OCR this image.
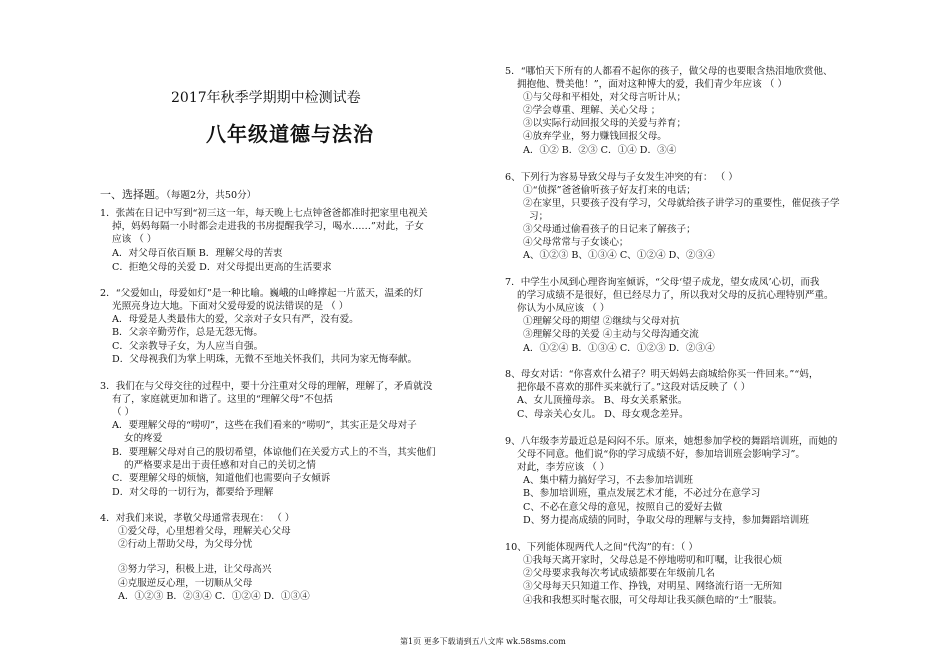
2017年秋季学期期中检测试卷
八年级道德与法治
一、选择题。（每题2分，共50分）
1．张茜在日记中写到“初三这一年，每天晚上七点钟爸爸都准时把家里电视关
掉，妈妈每隔一小时都会走进我的书房提醒我学习，喝水……”对此，子女
应该 （ ）
A．对父母百依百顺 B．理解父母的苦衷
C．拒绝父母的关爱 D．对父母提出更高的生活要求
2．“父爱如山，母爱如灯”是一种比喻。巍峨的山峰撑起一片蓝天，温柔的灯
光照亮身边大地。下面对父爱母爱的说法错误的是 （ ）
A．母爱是人类最伟大的爱，父亲对子女只有严，没有爱。
B．父亲辛勤劳作，总是无怨无悔。
C．父亲教导子女，为人应当自强。
D．父母视我们为掌上明珠，无微不至地关怀我们，共同为家无悔奉献。
3．我们在与父母交往的过程中，要十分注重对父母的理解，理解了，矛盾就没
有了，家庭就更加和谐了。这里的“理解父母”不包括
（ ）
A．要理解父母的“唠叨”，这些在我们看来的“唠叨”，其实正是父母对子
女的疼爱
B．要理解父母对自己的殷切希望，体谅他们在关爱方式上的不当，其实他们
的严格要求是出于责任感和对自己的关切之情
C．要理解父母的烦恼，知道他们也需要向子女倾诉
D．对父母的一切行为，都要给予理解
4．对我们来说，孝敬父母通常表现在： （ ）
①爱父母，心里想着父母，理解关心父母
②行动上帮助父母，为父母分忧
③努力学习，积极上进，让父母高兴
④克服逆反心理，一切顺从父母
A．①②③ B．②③④ C．①②④ D．①③④
5．“哪怕天下所有的人都看不起你的孩子，做父母的也要眼含热泪地欣赏他、
拥抱他、赞美他！”，面对这种博大的爱，我们青少年应该 （ ）
①与父母和平相处，对父母言听计从；
②学会尊重、理解、关心父母 ；
③以实际行动回报父母的关爱与养育；
④放弃学业，努力赚钱回报父母。
A．①② B．②③ C．①④ D．③④
6、下列行为容易导致父母与子女发生冲突的有： （ ）
①“侦探”爸爸偷听孩子好友打来的电话；
②在家里，只要孩子没有学习，父母就给孩子讲学习的重要性，催促孩子学
习；
③父母通过偷看孩子的日记来了解孩子；
④父母常常与子女谈心；
A、①②③ B、①③④ C、①②④ D、②③④
7．中学生小凤到心理咨询室倾诉，“父母‘望子成龙，望女成凤’心切，而我
的学习成绩不是很好，但已经尽力了，所以我对父母的反抗心理特别严重。
你认为小凤应该 （ ）
①理解父母的期望 ②继续与父母对抗
③理解父母的关爱 ④主动与父母沟通交流
A．①②④ B．①③④ C．①②③ D．②③④
8、母女对话：“你喜欢什么裙子？明天妈妈去商城给你买一件回来。”“妈，
把你最不喜欢的那件买来就行了。”这段对话反映了（ ）
A、女儿顶撞母亲。 B、母女关系紧张。
C、母亲关心女儿。 D、母女观念差异。
9、八年级李芳最近总是闷闷不乐。原来，她想参加学校的舞蹈培训班，而她的
父母不同意。他们说“你的学习成绩不好，参加培训班会影响学习”。
对此，李芳应该 （ ）
A、集中精力搞好学习，不去参加培训班
B、参加培训班，重点发展艺术才能，不必过分在意学习
C、不必在意父母的意见，按照自己的爱好去做
D、努力提高成绩的同时，争取父母的理解与支持，参加舞蹈培训班
10、下列能体现两代人之间“代沟”的有：（ ）
①我每天离开家时，父母总是不停地唠叨和叮嘱，让我很心烦
②父母要求我每次考试成绩都要在年级前几名
③父母每天只知道工作、挣钱，对明星、网络流行语一无所知
④我和我想买时髦衣服，可父母却让我买颜色暗的“土”服装。
第1页 更多下载请到五八文库 wk.58sms.com
